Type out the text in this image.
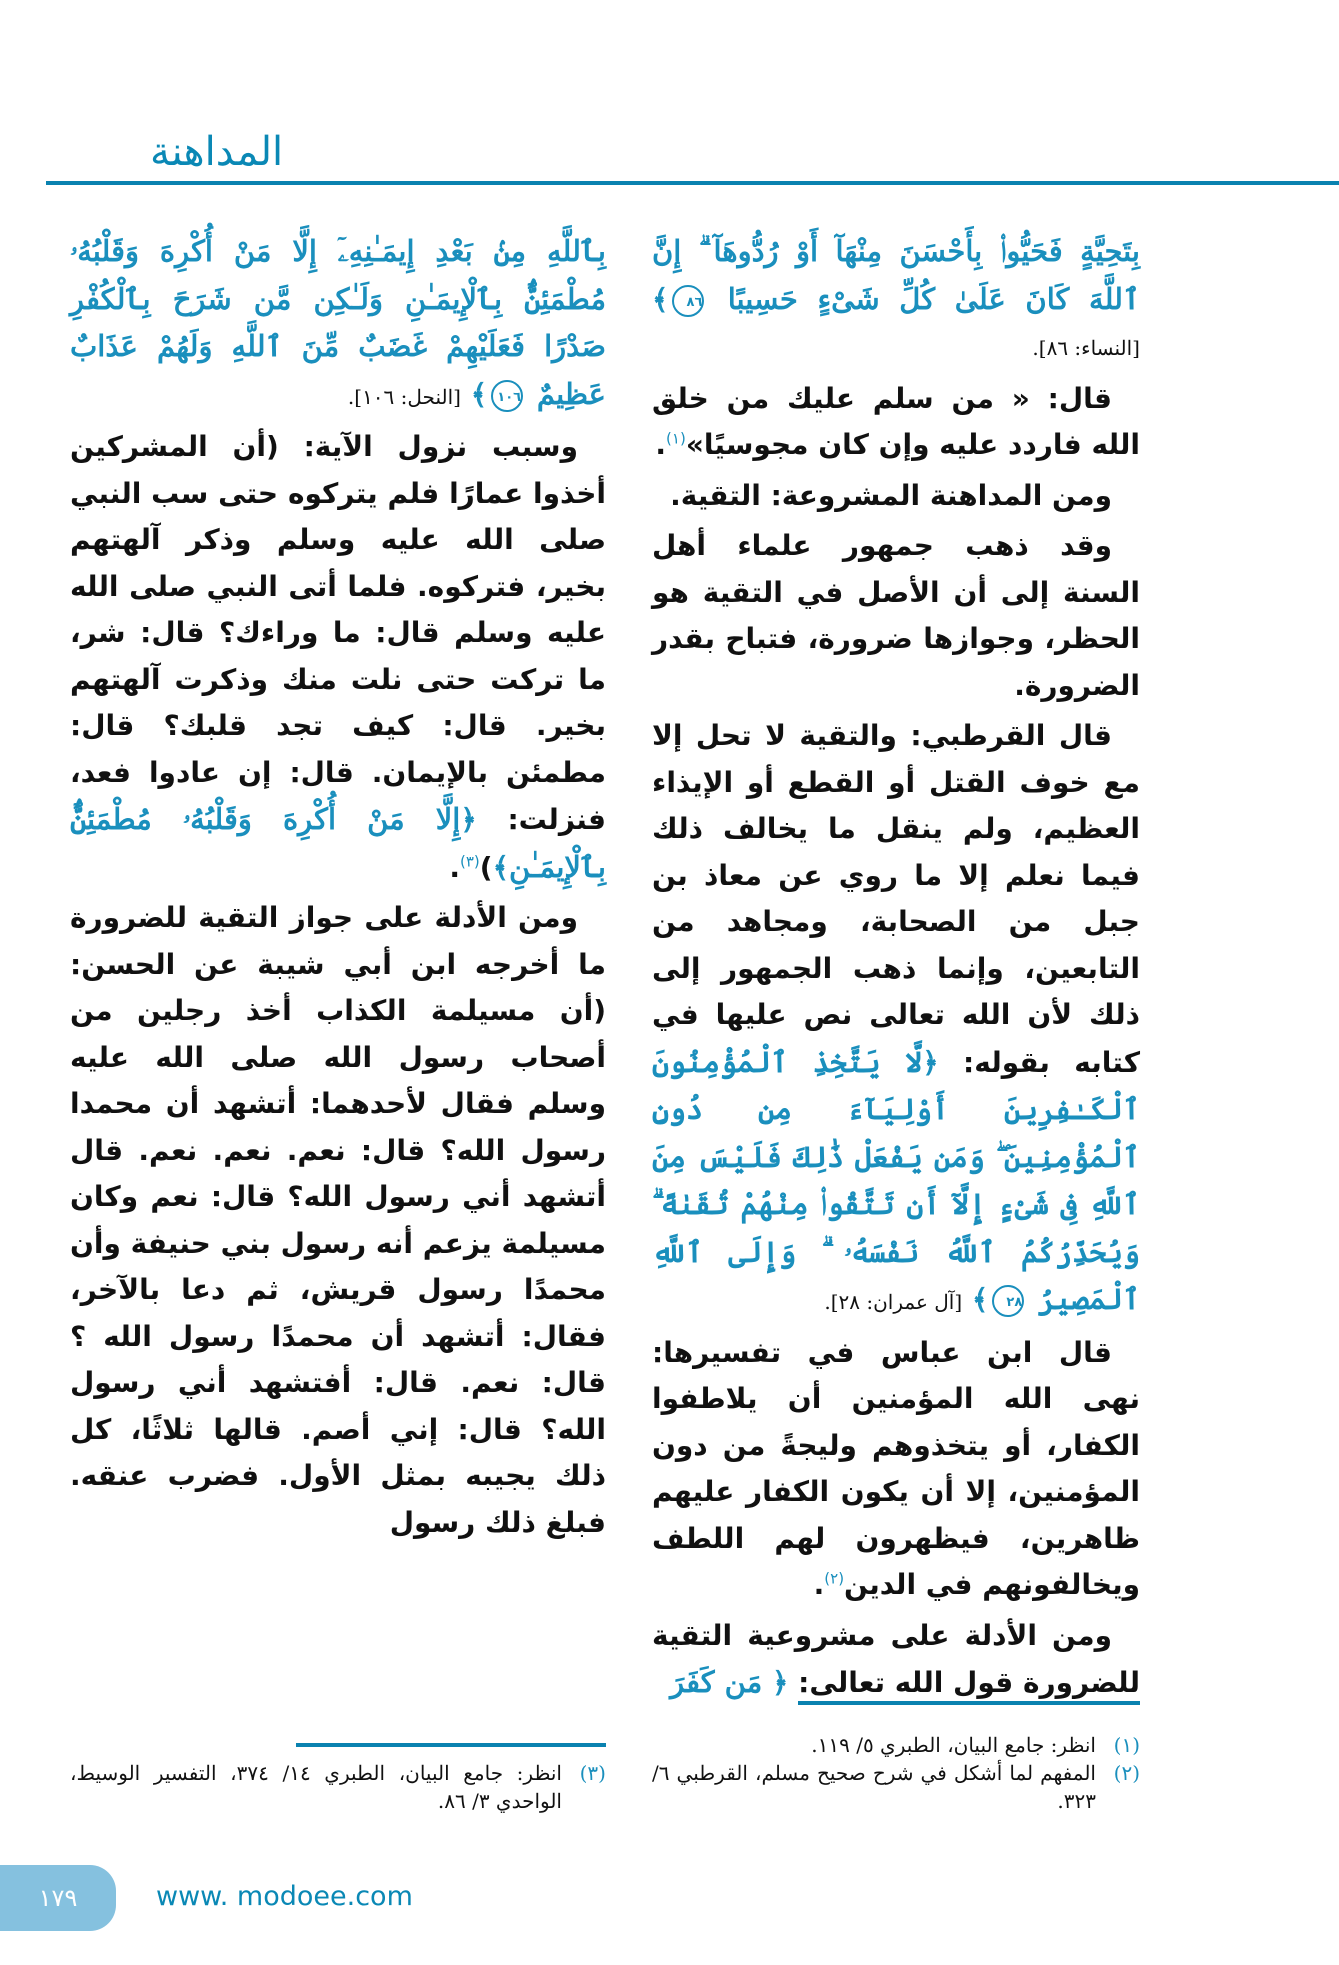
المداهنة

بِتَحِيَّةٍ فَحَيُّوا۟ بِأَحْسَنَ مِنْهَآ أَوْ رُدُّوهَآ ۗ إِنَّ ٱللَّهَ كَانَ عَلَىٰ كُلِّ شَىْءٍ حَسِيبًا ٨٦﴾ [النساء: ٨٦].

قال: « من سلم عليك من خلق الله فاردد عليه وإن كان مجوسيًا»$^{(١)}$.

ومن المداهنة المشروعة: التقية.

وقد ذهب جمهور علماء أهل السنة إلى أن الأصل في التقية هو الحظر، وجوازها ضرورة، فتباح بقدر الضرورة.

قال القرطبي: والتقية لا تحل إلا مع خوف القتل أو القطع أو الإيذاء العظيم، ولم ينقل ما يخالف ذلك فيما نعلم إلا ما روي عن معاذ بن جبل من الصحابة، ومجاهد من التابعين، وإنما ذهب الجمهور إلى ذلك لأن الله تعالى نص عليها في كتابه بقوله: ﴿لَّا يَتَّخِذِ ٱلْمُؤْمِنُونَ ٱلْكَـٰفِرِينَ أَوْلِيَآءَ مِن دُونِ ٱلْمُؤْمِنِينَ ۖ وَمَن يَفْعَلْ ذَٰلِكَ فَلَيْسَ مِنَ ٱللَّهِ فِى شَىْءٍ إِلَّآ أَن تَتَّقُوا۟ مِنْهُمْ تُقَىٰةً ۗ وَيُحَذِّرُكُمُ ٱللَّهُ نَفْسَهُۥ ۗ وَإِلَى ٱللَّهِ ٱلْمَصِيرُ ٢٨﴾ [آل عمران: ٢٨].

قال ابن عباس في تفسيرها: نهى الله المؤمنين أن يلاطفوا الكفار، أو يتخذوهم وليجةً من دون المؤمنين، إلا أن يكون الكفار عليهم ظاهرين، فيظهرون لهم اللطف ويخالفونهم في الدين$^{(٢)}$.

ومن الأدلة على مشروعية التقية للضرورة قول الله تعالى: ﴿ مَن كَفَرَ

(١)انظر: جامع البيان، الطبري ٥/ ١١٩.

(٢)المفهم لما أشكل في شرح صحيح مسلم، القرطبي ٦/ ٣٢٣.

بِٱللَّهِ مِنۢ بَعْدِ إِيمَـٰنِهِۦٓ إِلَّا مَنْ أُكْرِهَ وَقَلْبُهُۥ مُطْمَئِنٌّۢ بِٱلْإِيمَـٰنِ وَلَـٰكِن مَّن شَرَحَ بِٱلْكُفْرِ صَدْرًا فَعَلَيْهِمْ غَضَبٌ مِّنَ ٱللَّهِ وَلَهُمْ عَذَابٌ عَظِيمٌ ١٠٦﴾ [النحل: ١٠٦].

وسبب نزول الآية: (أن المشركين أخذوا عمارًا فلم يتركوه حتى سب النبي صلى الله عليه وسلم وذكر آلهتهم بخير، فتركوه. فلما أتى النبي صلى الله عليه وسلم قال: ما وراءك؟ قال: شر، ما تركت حتى نلت منك وذكرت آلهتهم بخير. قال: كيف تجد قلبك؟ قال: مطمئن بالإيمان. قال: إن عادوا فعد، فنزلت: ﴿إِلَّا مَنْ أُكْرِهَ وَقَلْبُهُۥ مُطْمَئِنٌّۢ بِٱلْإِيمَـٰنِ﴾)$^{(٣)}$.

ومن الأدلة على جواز التقية للضرورة ما أخرجه ابن أبي شيبة عن الحسن: (أن مسيلمة الكذاب أخذ رجلين من أصحاب رسول الله صلى الله عليه وسلم فقال لأحدهما: أتشهد أن محمدا رسول الله؟ قال: نعم. نعم. نعم. قال أتشهد أني رسول الله؟ قال: نعم وكان مسيلمة يزعم أنه رسول بني حنيفة وأن محمدًا رسول قريش، ثم دعا بالآخر، فقال: أتشهد أن محمدًا رسول الله ؟ قال: نعم. قال: أفتشهد أني رسول الله؟ قال: إني أصم. قالها ثلاثًا، كل ذلك يجيبه بمثل الأول. فضرب عنقه. فبلغ ذلك رسول

(٣)انظر: جامع البيان، الطبري ١٤/ ٣٧٤، التفسير الوسيط، الواحدي ٣/ ٨٦.

١٧٩	www. modoee.com
